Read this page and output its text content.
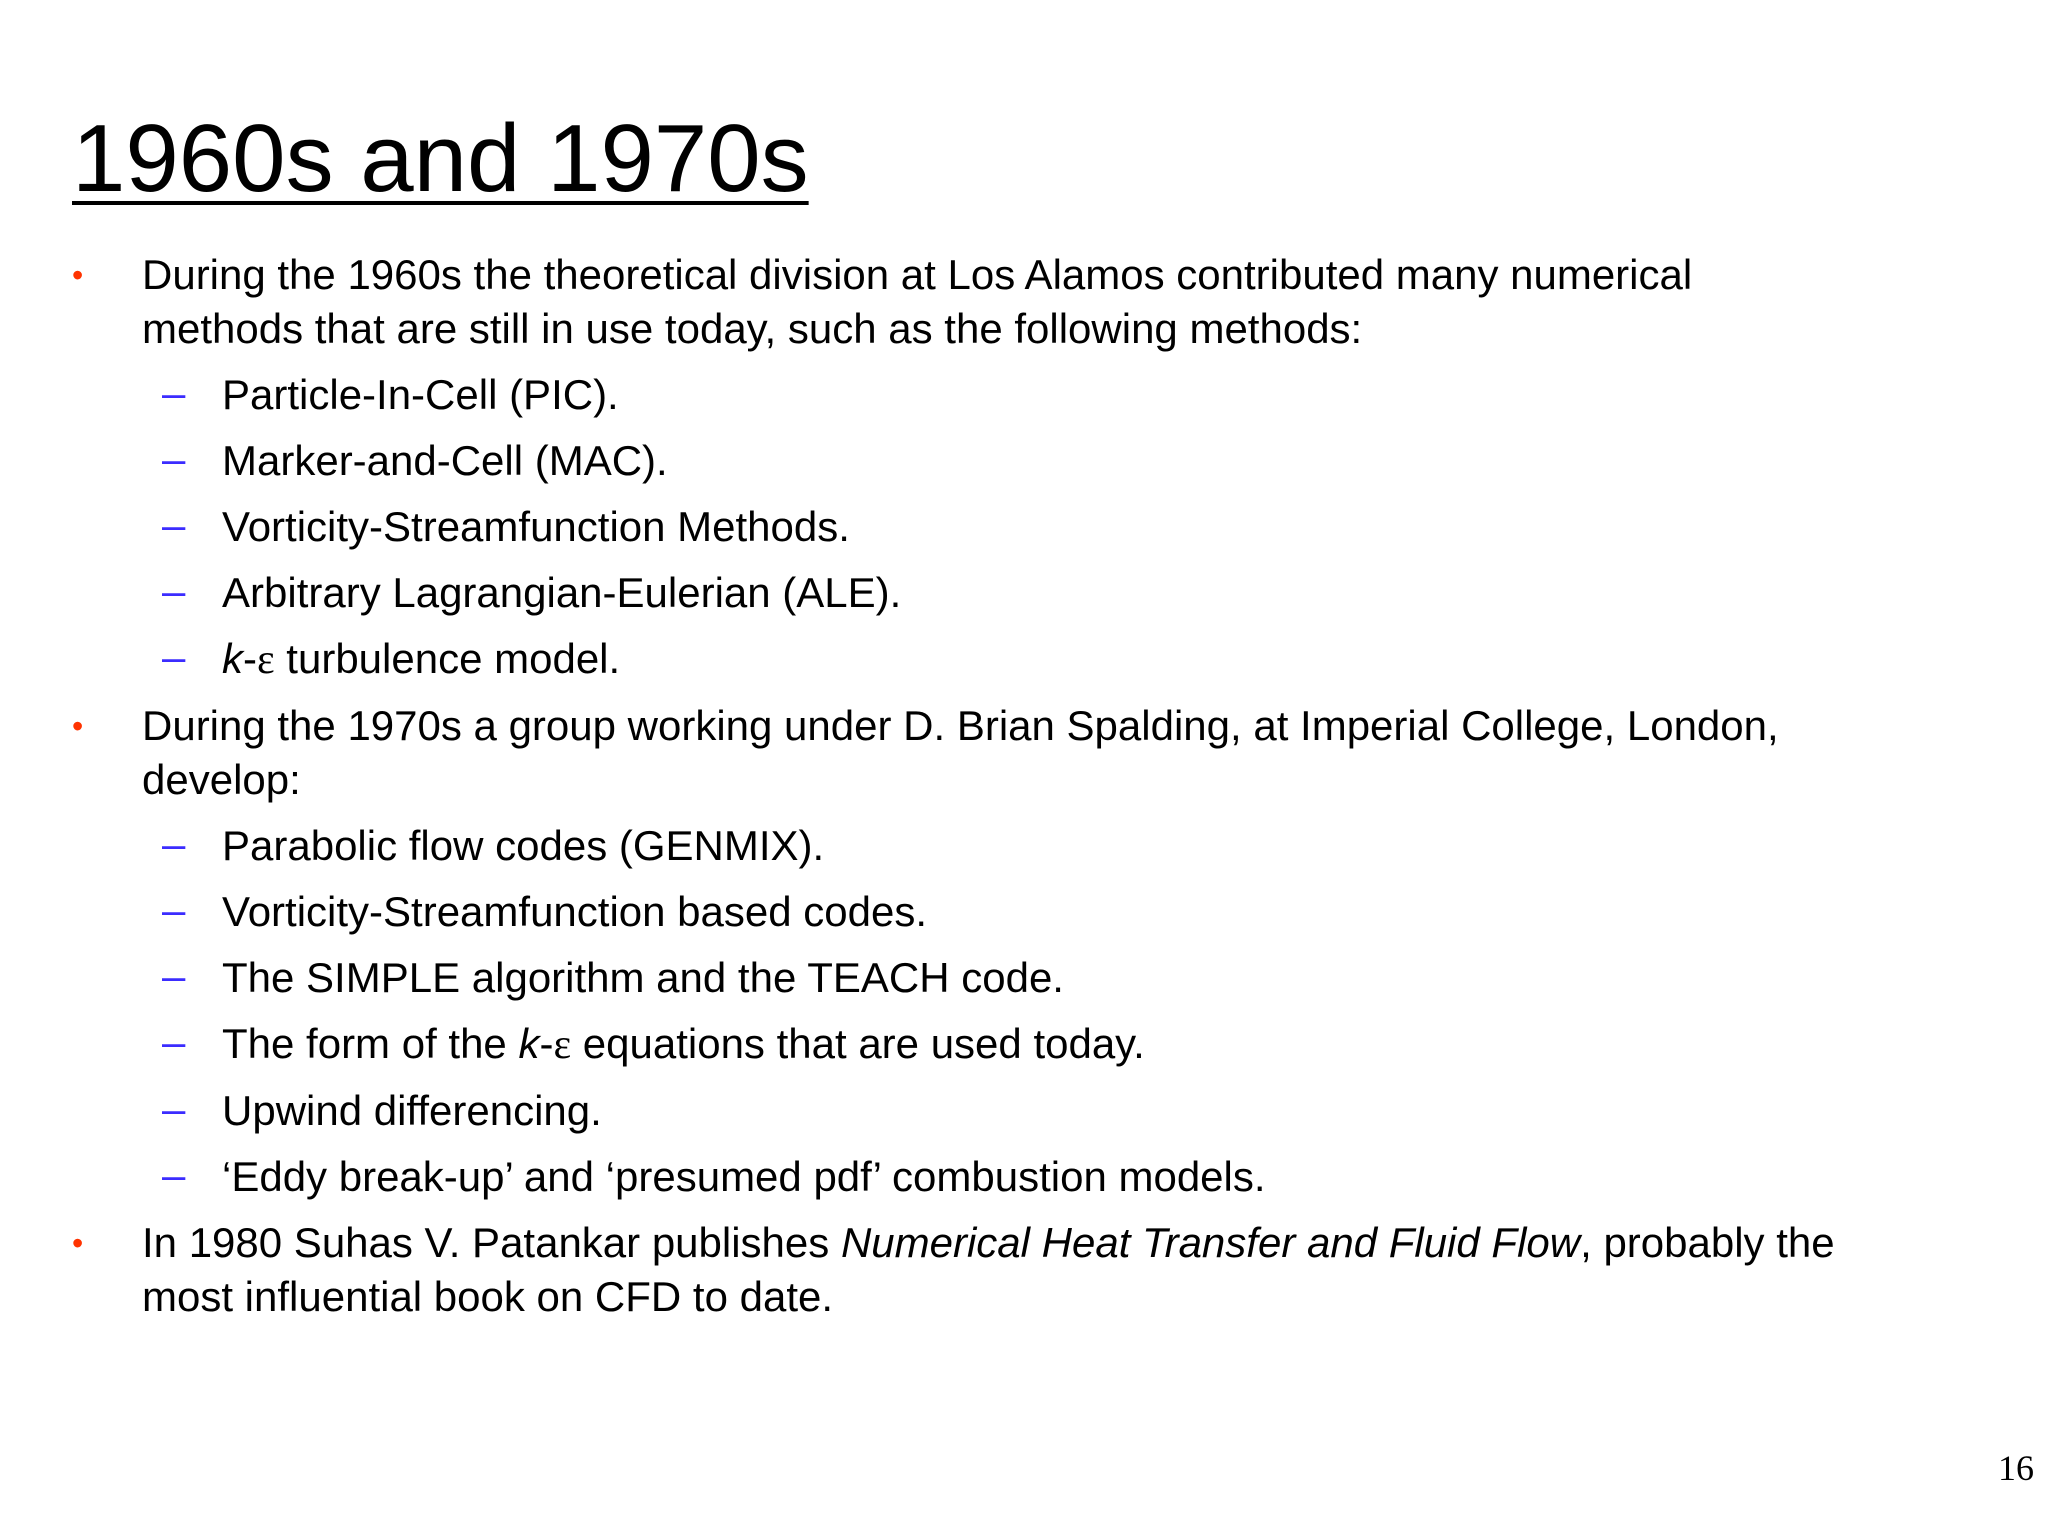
1960s and 1970s
• During the 1960s the theoretical division at Los Alamos contributed many numerical
methods that are still in use today, such as the following methods:
– Particle-In-Cell (PIC).
– Marker-and-Cell (MAC).
– Vorticity-Streamfunction Methods.
– Arbitrary Lagrangian-Eulerian (ALE).
– k-ε turbulence model.
• During the 1970s a group working under D. Brian Spalding, at Imperial College, London,
develop:
– Parabolic flow codes (GENMIX).
– Vorticity-Streamfunction based codes.
– The SIMPLE algorithm and the TEACH code.
– The form of the k-ε equations that are used today.
– Upwind differencing.
– ‘Eddy break-up’ and ‘presumed pdf’ combustion models.
• In 1980 Suhas V. Patankar publishes Numerical Heat Transfer and Fluid Flow, probably the
most influential book on CFD to date.
16
